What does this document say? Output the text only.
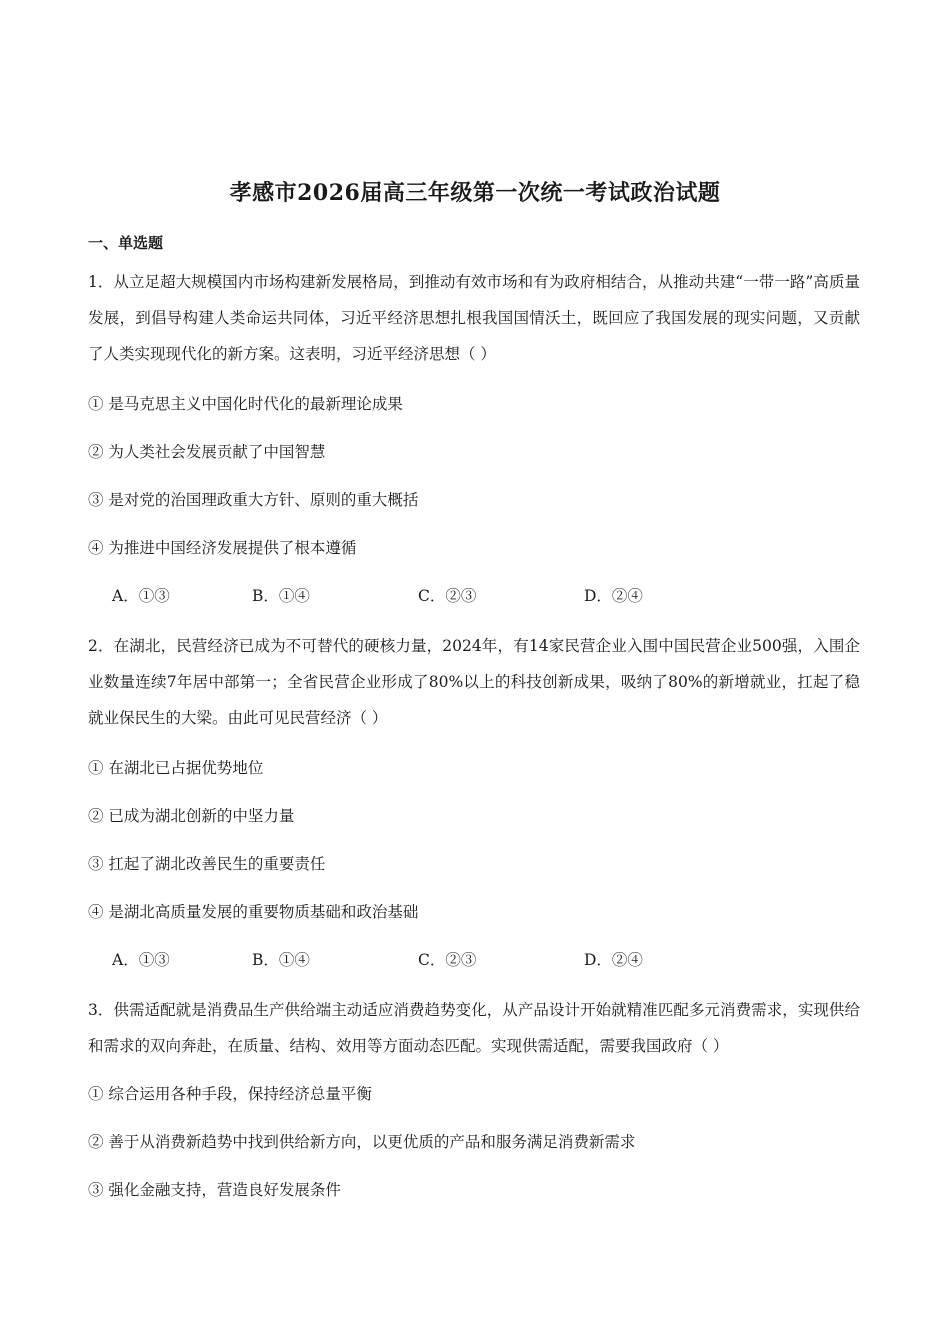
孝感市2026届高三年级第一次统一考试政治试题
一、单选题
1．从立足超大规模国内市场构建新发展格局，到推动有效市场和有为政府相结合，从推动共建“一带一路”高质量发展，到倡导构建人类命运共同体，习近平经济思想扎根我国国情沃土，既回应了我国发展的现实问题，又贡献了人类实现现代化的新方案。这表明，习近平经济思想（ ）
① 是马克思主义中国化时代化的最新理论成果
② 为人类社会发展贡献了中国智慧
③ 是对党的治国理政重大方针、原则的重大概括
④ 为推进中国经济发展提供了根本遵循
A．①③	B．①④	C．②③	D．②④
2．在湖北，民营经济已成为不可替代的硬核力量，2024年，有14家民营企业入围中国民营企业500强，入围企业数量连续7年居中部第一；全省民营企业形成了80%以上的科技创新成果，吸纳了80%的新增就业，扛起了稳就业保民生的大梁。由此可见民营经济（ ）
① 在湖北已占据优势地位
② 已成为湖北创新的中坚力量
③ 扛起了湖北改善民生的重要责任
④ 是湖北高质量发展的重要物质基础和政治基础
A．①③	B．①④	C．②③	D．②④
3．供需适配就是消费品生产供给端主动适应消费趋势变化，从产品设计开始就精准匹配多元消费需求，实现供给和需求的双向奔赴，在质量、结构、效用等方面动态匹配。实现供需适配，需要我国政府（ ）
① 综合运用各种手段，保持经济总量平衡
② 善于从消费新趋势中找到供给新方向，以更优质的产品和服务满足消费新需求
③ 强化金融支持，营造良好发展条件
